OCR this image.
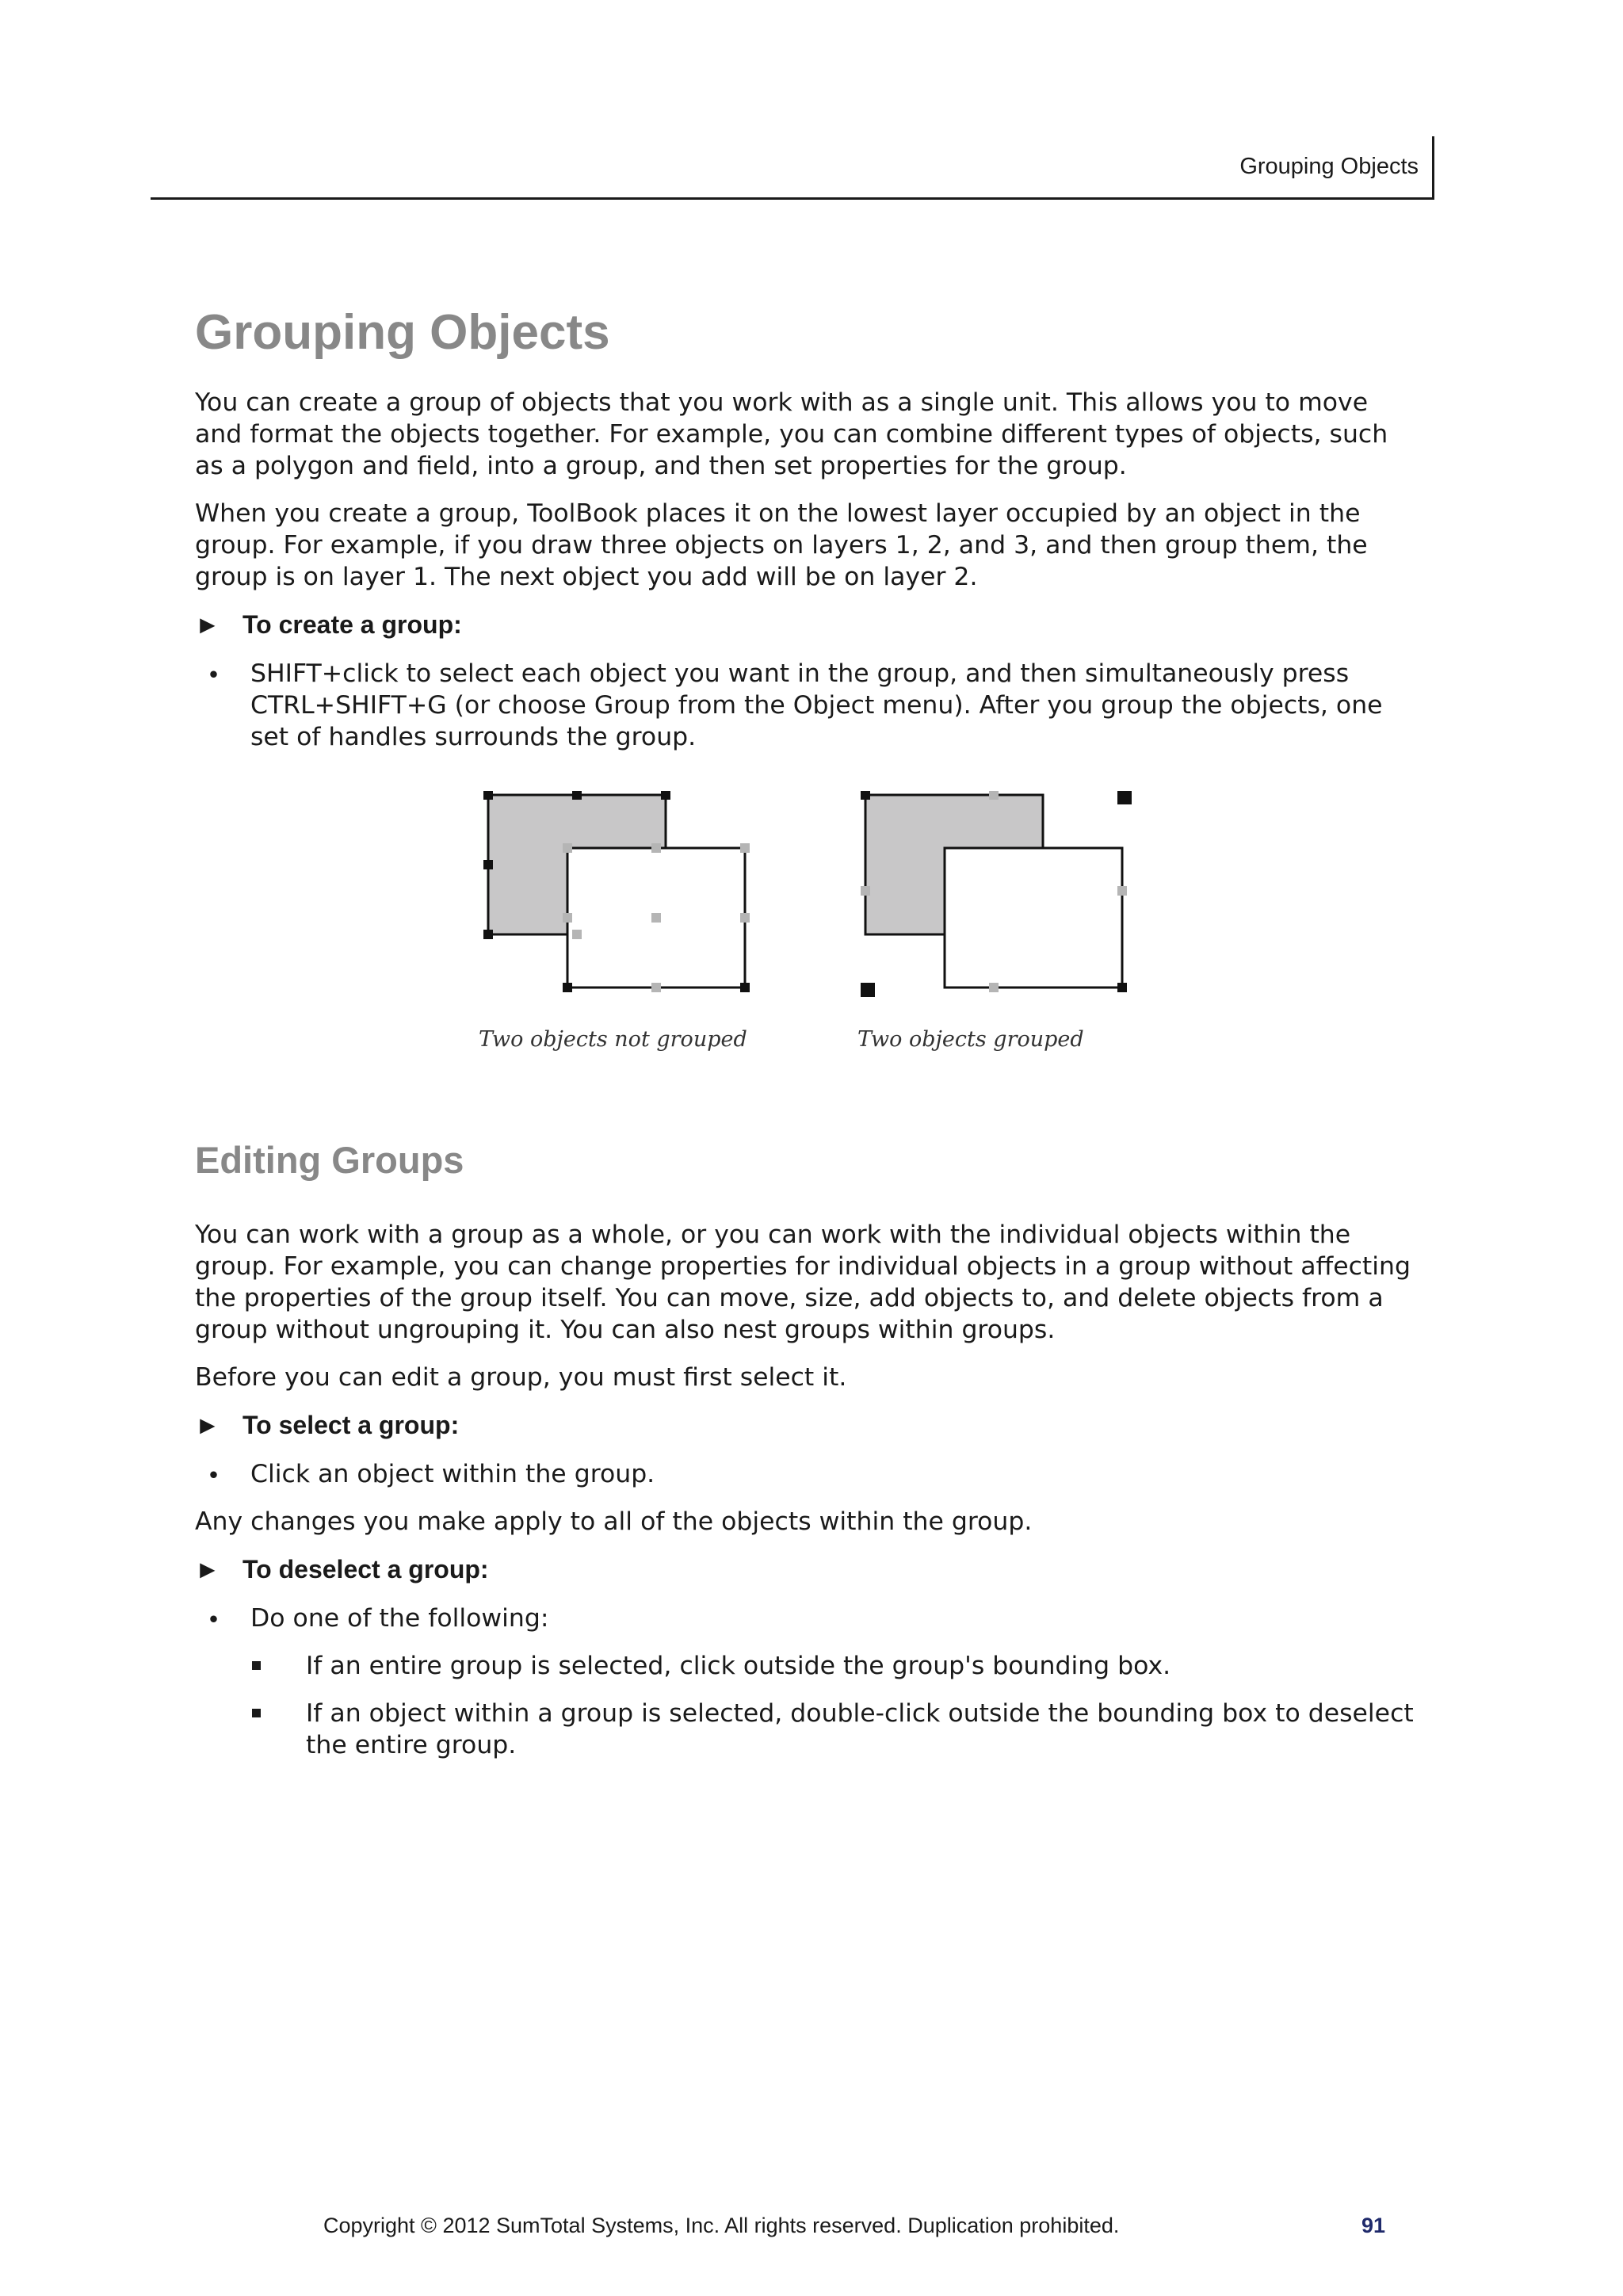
Grouping Objects
Grouping Objects

You can create a group of objects that you work with as a single unit. This allows you to move and format the objects together. For example, you can combine different types of objects, such as a polygon and field, into a group, and then set properties for the group.

When you create a group, ToolBook places it on the lowest layer occupied by an object in the group. For example, if you draw three objects on layers 1, 2, and 3, and then group them, the group is on layer 1. The next object you add will be on layer 2.

► To create a group:
• SHIFT+click to select each object you want in the group, and then simultaneously press CTRL+SHIFT+G (or choose Group from the Object menu). After you group the objects, one set of handles surrounds the group.
Two objects not grouped	Two objects grouped
Editing Groups

You can work with a group as a whole, or you can work with the individual objects within the group. For example, you can change properties for individual objects in a group without affecting the properties of the group itself. You can move, size, add objects to, and delete objects from a group without ungrouping it. You can also nest groups within groups.

Before you can edit a group, you must first select it.

► To select a group:
• Click an object within the group.

Any changes you make apply to all of the objects within the group.

► To deselect a group:
• Do one of the following:
If an entire group is selected, click outside the group's bounding box.
If an object within a group is selected, double-click outside the bounding box to deselect the entire group.
Copyright © 2012 SumTotal Systems, Inc. All rights reserved. Duplication prohibited.	91
